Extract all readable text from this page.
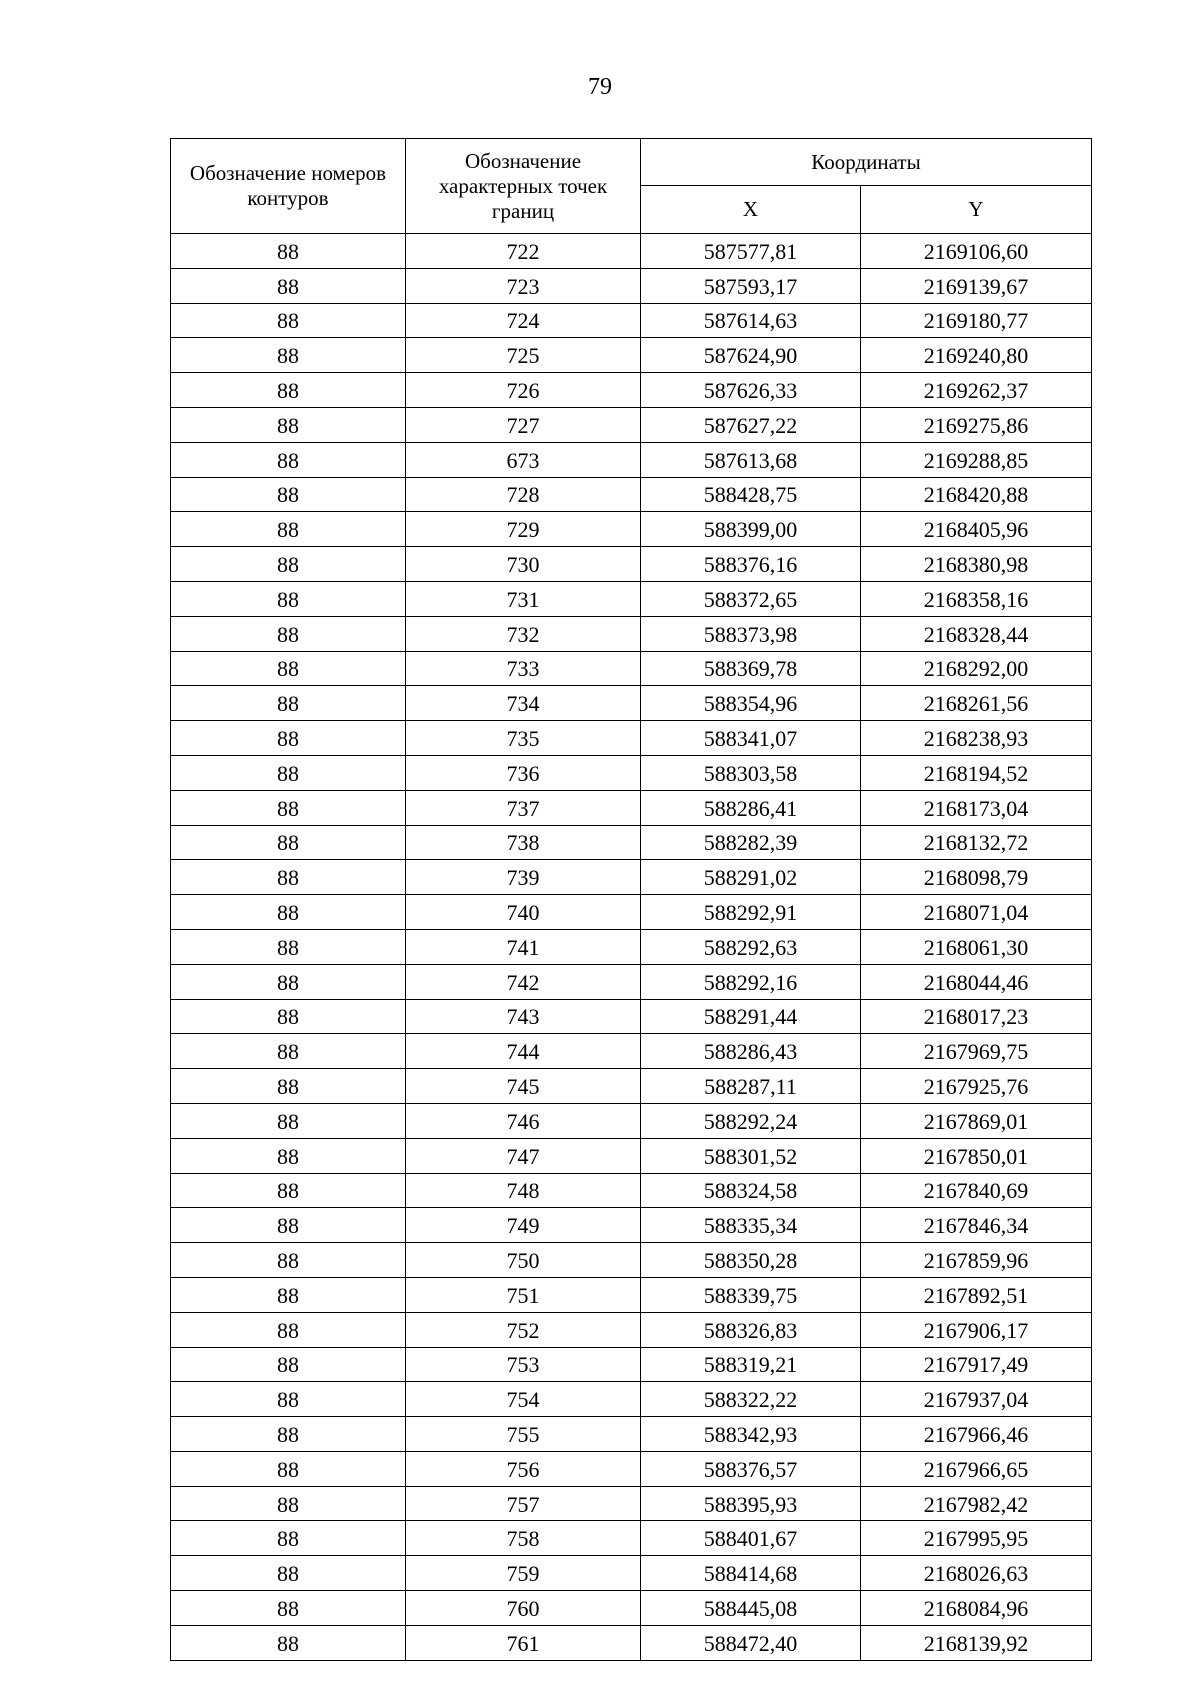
79
Обозначение номеров контуров	Обозначение характерных точек границ	Координаты	
		X	Y
88	722	587577,81	2169106,60
88	723	587593,17	2169139,67
88	724	587614,63	2169180,77
88	725	587624,90	2169240,80
88	726	587626,33	2169262,37
88	727	587627,22	2169275,86
88	673	587613,68	2169288,85
88	728	588428,75	2168420,88
88	729	588399,00	2168405,96
88	730	588376,16	2168380,98
88	731	588372,65	2168358,16
88	732	588373,98	2168328,44
88	733	588369,78	2168292,00
88	734	588354,96	2168261,56
88	735	588341,07	2168238,93
88	736	588303,58	2168194,52
88	737	588286,41	2168173,04
88	738	588282,39	2168132,72
88	739	588291,02	2168098,79
88	740	588292,91	2168071,04
88	741	588292,63	2168061,30
88	742	588292,16	2168044,46
88	743	588291,44	2168017,23
88	744	588286,43	2167969,75
88	745	588287,11	2167925,76
88	746	588292,24	2167869,01
88	747	588301,52	2167850,01
88	748	588324,58	2167840,69
88	749	588335,34	2167846,34
88	750	588350,28	2167859,96
88	751	588339,75	2167892,51
88	752	588326,83	2167906,17
88	753	588319,21	2167917,49
88	754	588322,22	2167937,04
88	755	588342,93	2167966,46
88	756	588376,57	2167966,65
88	757	588395,93	2167982,42
88	758	588401,67	2167995,95
88	759	588414,68	2168026,63
88	760	588445,08	2168084,96
88	761	588472,40	2168139,92
